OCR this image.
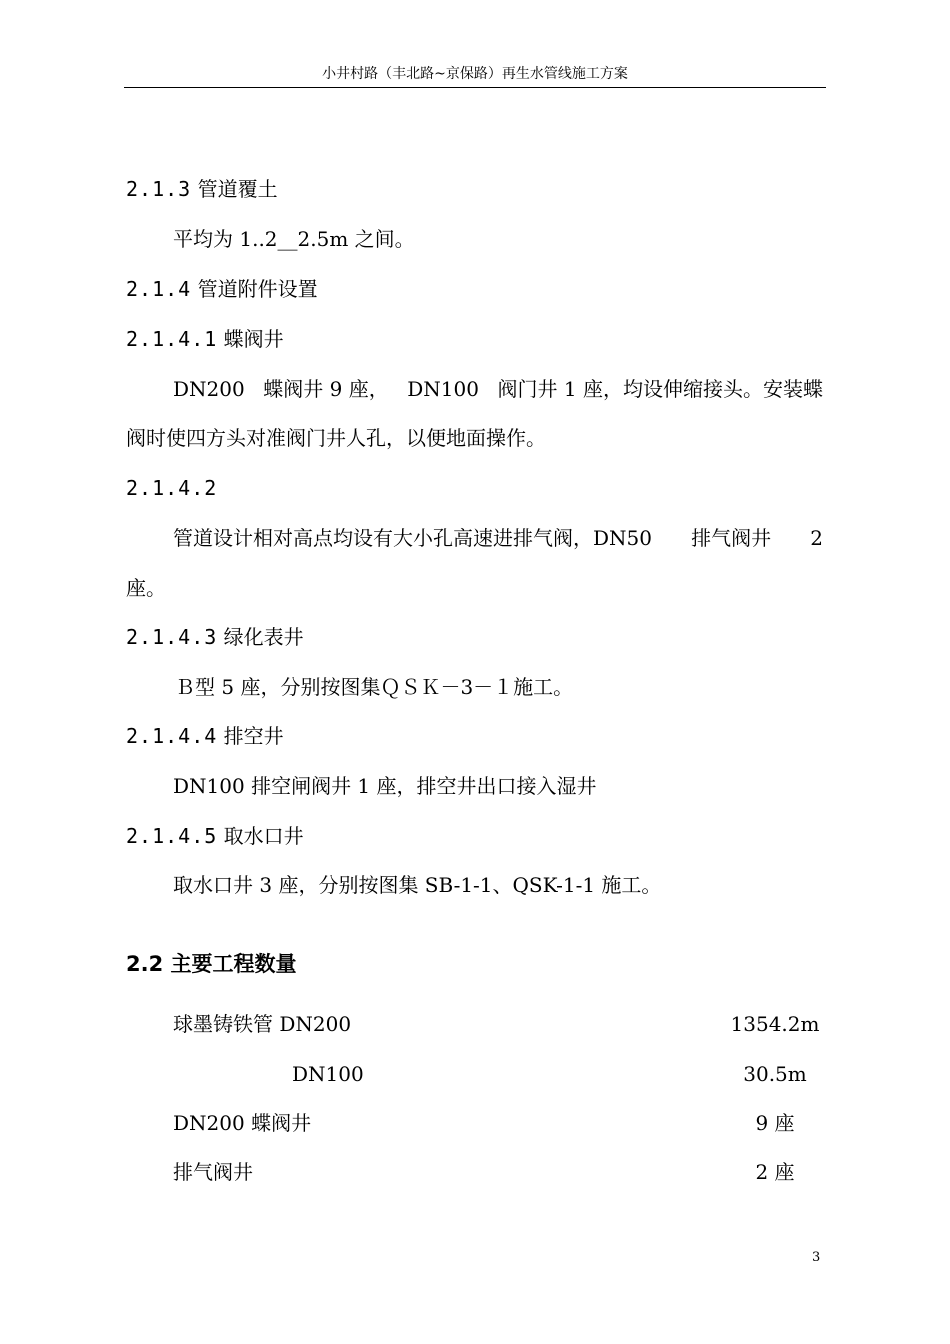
小井村路（丰北路~京保路）再生水管线施工方案
2.1.3 管道覆土
平均为 1..2__2.5m 之间。
2.1.4 管道附件设置
2.1.4.1 蝶阀井
DN200 蝶阀井 9 座， DN100 阀门井 1 座，均设伸缩接头。安装蝶
阀时使四方头对准阀门井人孔，以便地面操作。
2.1.4.2
管道设计相对高点均设有大小孔高速进排气阀，DN50 排气阀井 2
座。
2.1.4.3 绿化表井
Ｂ型 5 座，分别按图集ＱＳＫ－3－１施工。
2.1.4.4 排空井
DN100 排空闸阀井 1 座，排空井出口接入湿井
2.1.4.5 取水口井
取水口井 3 座，分别按图集 SB-1-1、QSK-1-1 施工。
2.2 主要工程数量
球墨铸铁管 DN200	1354.2m
DN100	30.5m
DN200 蝶阀井	9 座
排气阀井	2 座
3
